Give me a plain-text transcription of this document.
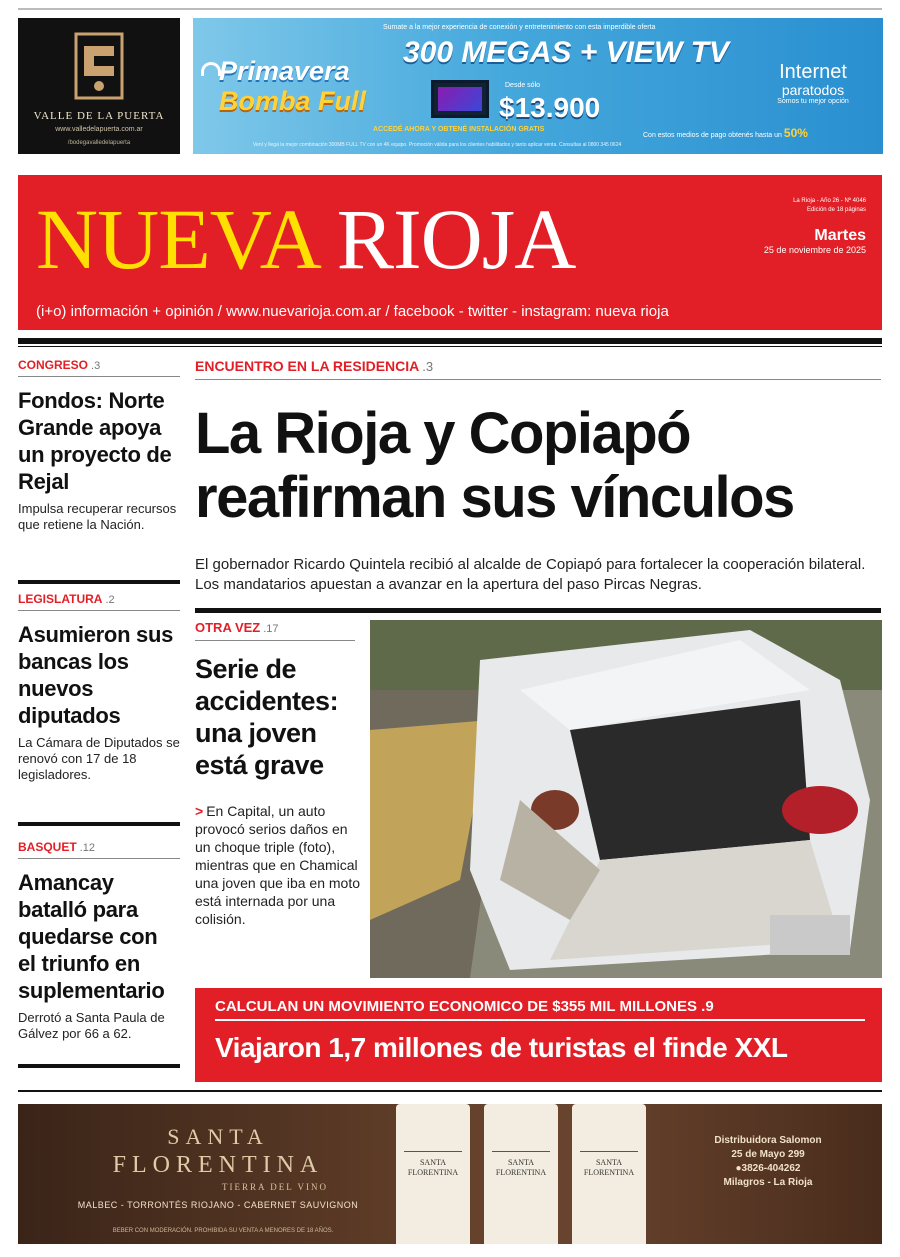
VALLE DE LA PUERTA
www.valledelapuerta.com.ar
/bodegavalledelapuerta
Sumate a la mejor experiencia de conexión y entretenimiento con esta imperdible oferta
300 MEGAS + VIEW TV
Primavera
Bomba Full
Desde sólo
$13.900
ACCEDÉ AHORA Y OBTENÉ INSTALACIÓN GRATIS
Con estos medios de pago obtenés hasta un 50%
Vení y llegá la mejor combinación 300MB FULL TV con un 4K equipo. Promoción válida para los clientes habilitados y tanto aplicar venta. Consultas al 0800 345 0624
Internet
paratodos
Somos tu mejor opción
NUEVA RIOJA	La Rioja - Año 26 - Nº 4046
Edición de 18 páginas
Martes
25 de noviembre de 2025
(i+o) información + opinión / www.nuevarioja.com.ar / facebook - twitter - instagram: nueva rioja
CONGRESO .3
Fondos: Norte Grande apoya un proyecto de Rejal
Impulsa recuperar recursos que retiene la Nación.
LEGISLATURA .2
Asumieron sus bancas los nuevos diputados
La Cámara de Diputados se renovó con 17 de 18 legisladores.
BASQUET .12
Amancay batalló para quedarse con el triunfo en suplementario
Derrotó a Santa Paula de Gálvez por 66 a 62.
ENCUENTRO EN LA RESIDENCIA .3
La Rioja y Copiapó reafirman sus vínculos
El gobernador Ricardo Quintela recibió al alcalde de Copiapó para fortalecer la cooperación bilateral. Los mandatarios apuestan a avanzar en la apertura del paso Pircas Negras.
OTRA VEZ .17
Serie de accidentes: una joven está grave
> En Capital, un auto provocó serios daños en un choque triple (foto), mientras que en Chamical una joven que iba en moto está internada por una colisión.
CALCULAN UN MOVIMIENTO ECONOMICO DE $355 MIL MILLONES .9
Viajaron 1,7 millones de turistas el finde XXL
SANTA
FLORENTINA
TIERRA DEL VINO
MALBEC - TORRONTÉS RIOJANO - CABERNET SAUVIGNON
BEBER CON MODERACIÓN. PROHIBIDA SU VENTA A MENORES DE 18 AÑOS.
SANTA FLORENTINA
SANTA FLORENTINA
SANTA FLORENTINA
Distribuidora Salomon
25 de Mayo 299
● 3826-404262
Milagros - La Rioja
